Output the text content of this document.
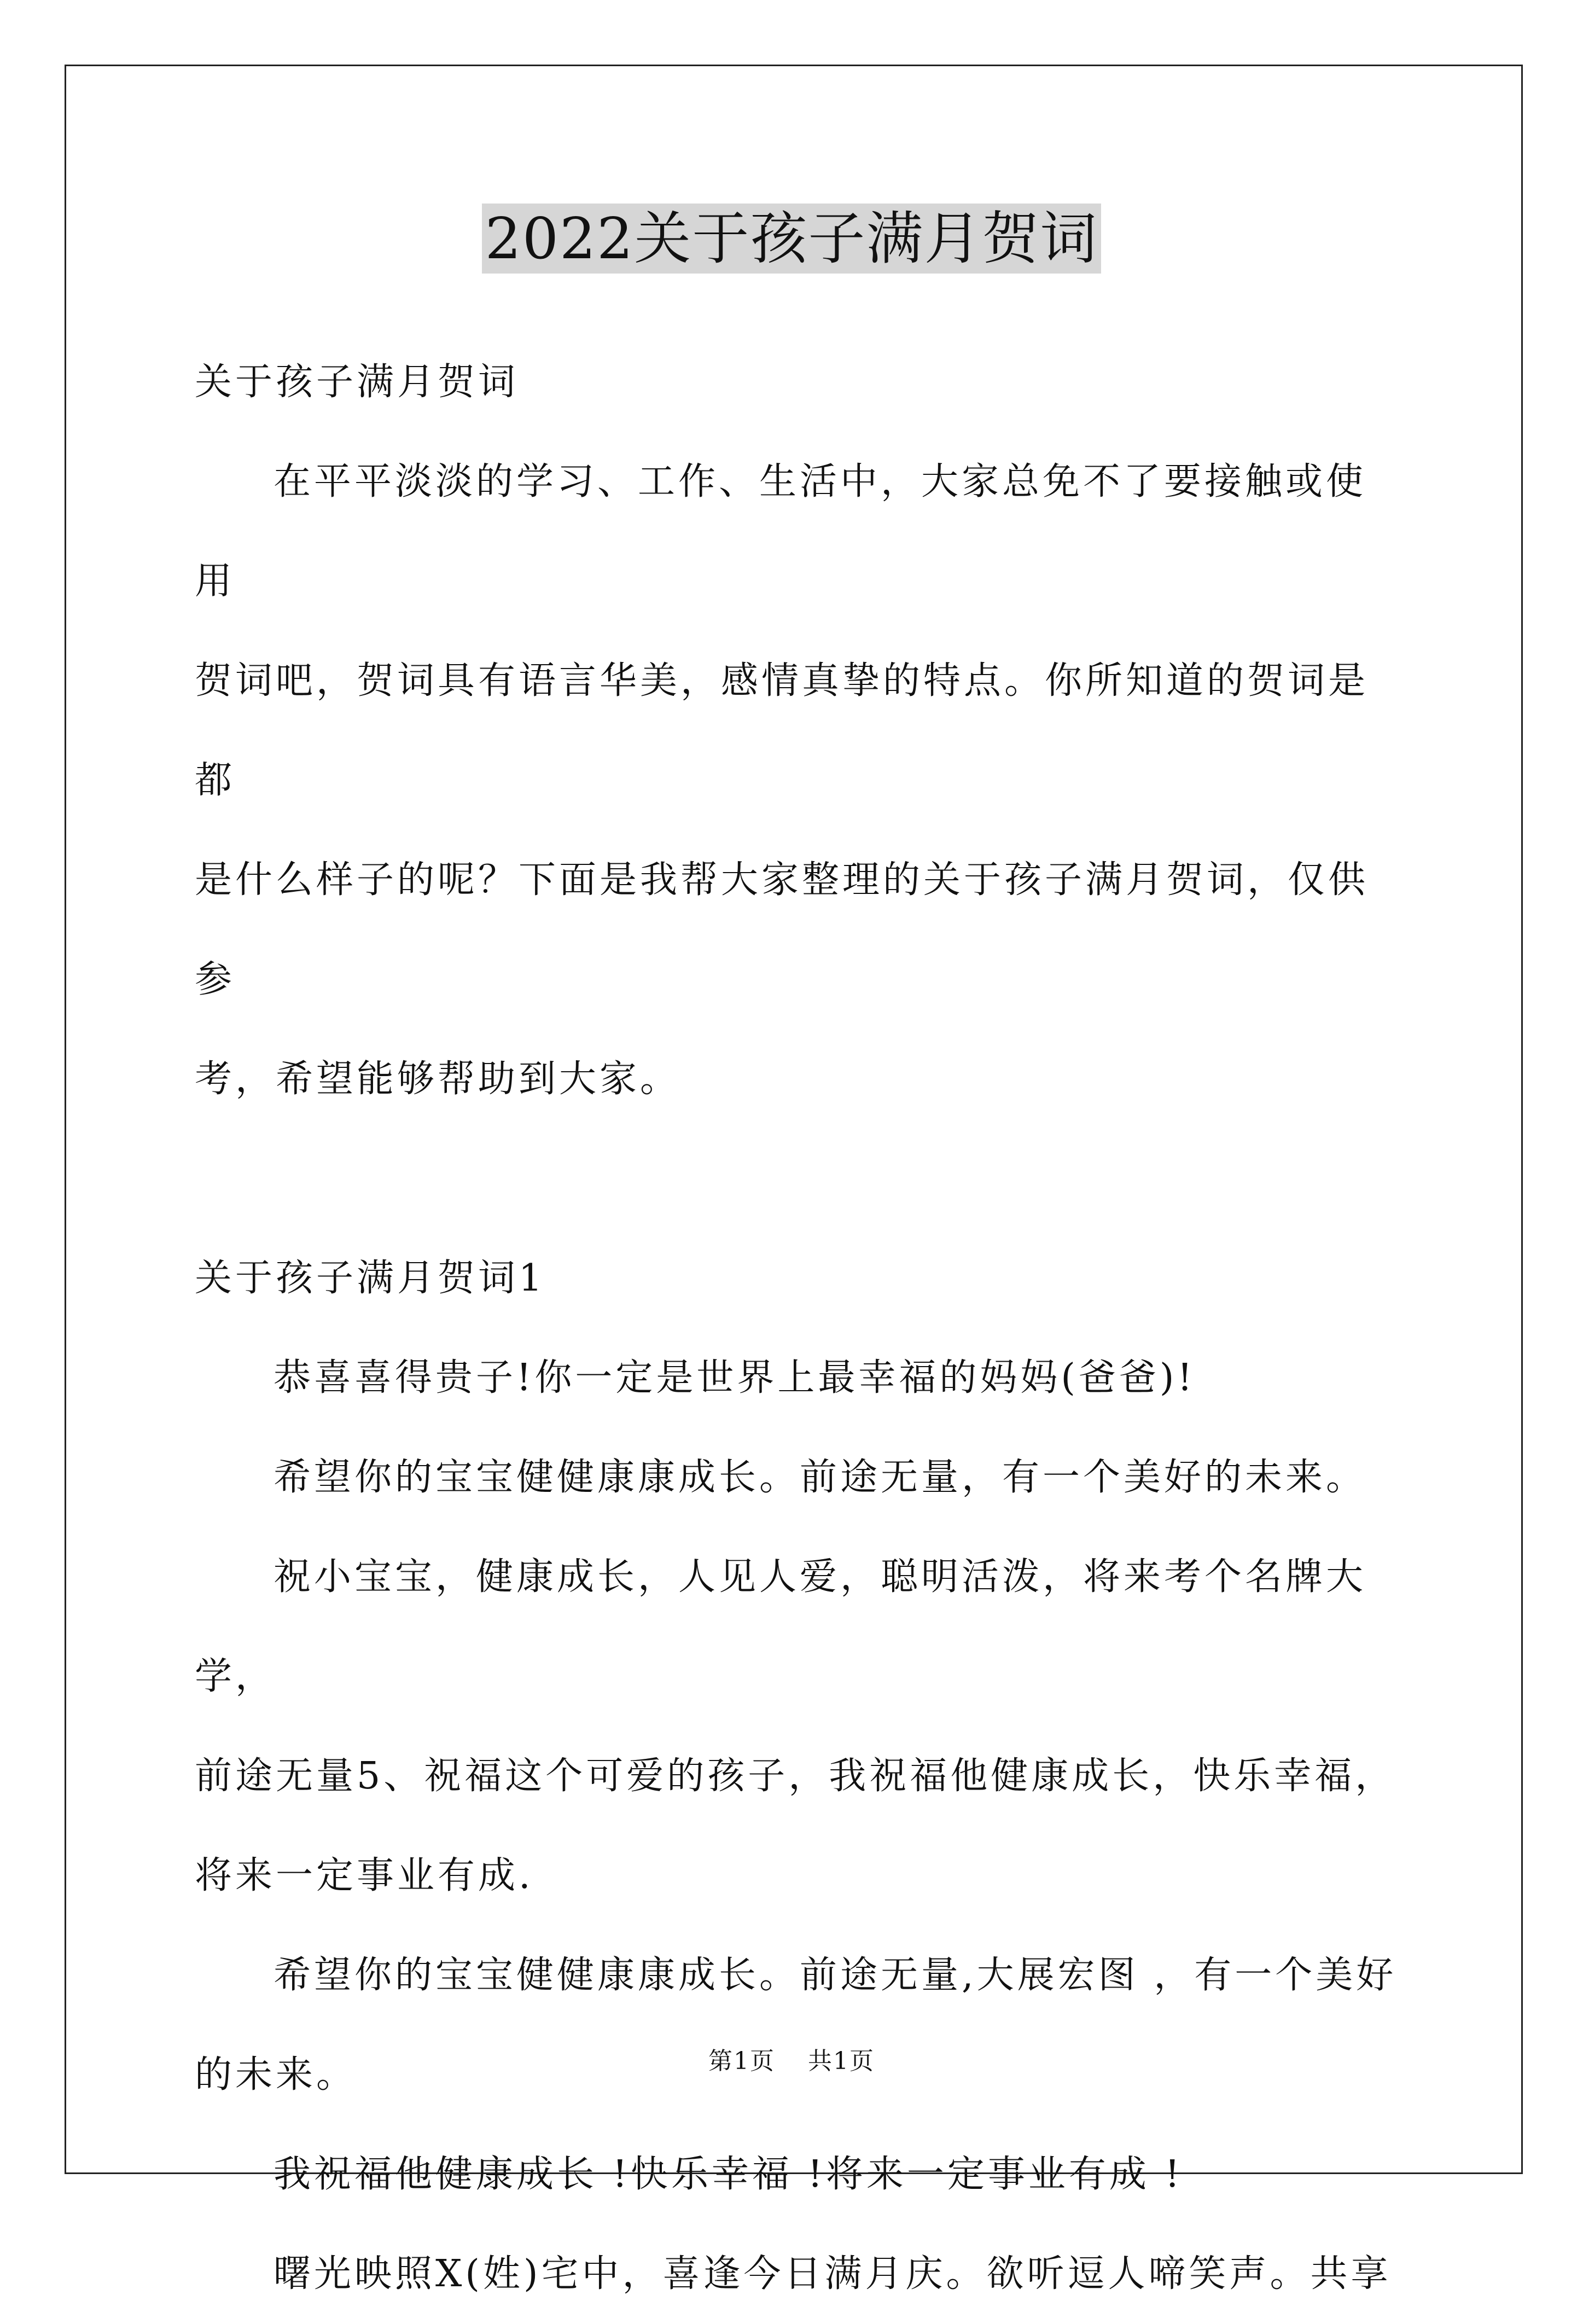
2022关于孩子满月贺词

关于孩子满月贺词

在平平淡淡的学习、工作、生活中，大家总免不了要接触或使用

贺词吧，贺词具有语言华美，感情真挚的特点。你所知道的贺词是都

是什么样子的呢？下面是我帮大家整理的关于孩子满月贺词，仅供参

考，希望能够帮助到大家。

关于孩子满月贺词1

恭喜喜得贵子!你一定是世界上最幸福的妈妈(爸爸)!

希望你的宝宝健健康康成长。前途无量，有一个美好的未来。

祝小宝宝，健康成长，人见人爱，聪明活泼，将来考个名牌大学，

前途无量5、祝福这个可爱的孩子，我祝福他健康成长，快乐幸福，

将来一定事业有成.

希望你的宝宝健健康康成长。前途无量,大展宏图 ，有一个美好

的未来。

我祝福他健康成长 !快乐幸福 !将来一定事业有成 !

曙光映照X(姓)宅中，喜逢今日满月庆。欲听逗人啼笑声。共享

第1页 共1页
